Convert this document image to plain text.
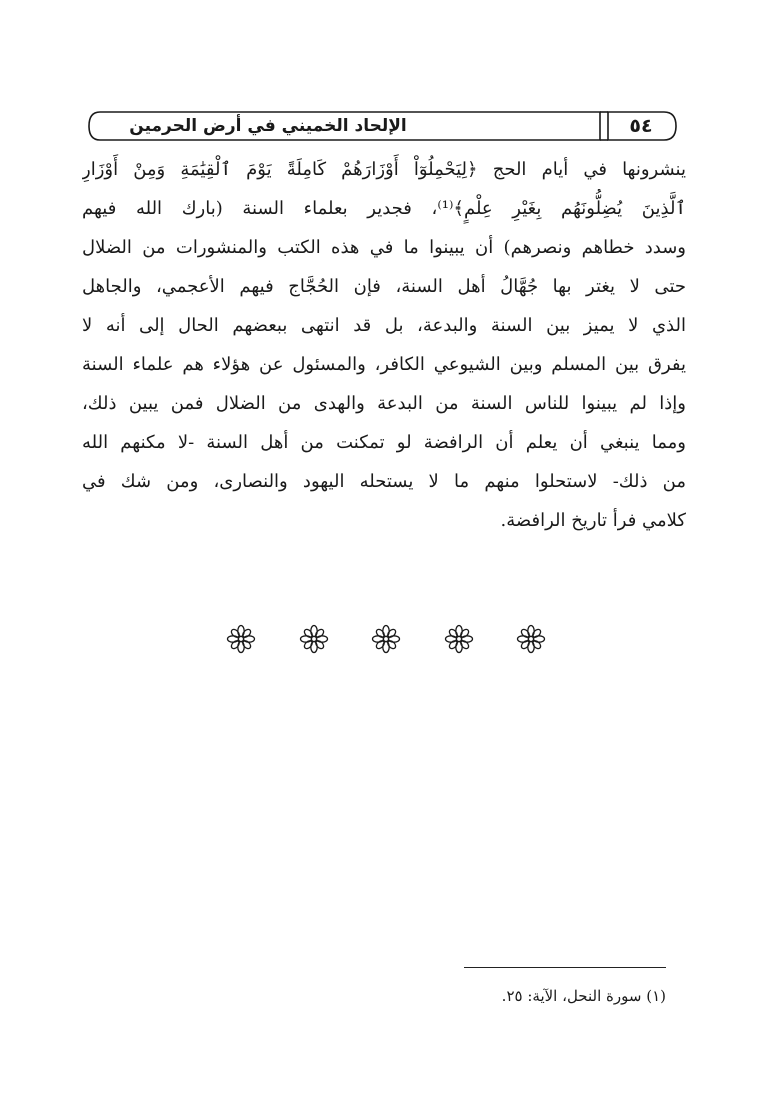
الإلحاد الخميني في أرض الحرمين	٥٤
ينشرونها في أيام الحج ﴿لِيَحْمِلُوٓاْ أَوْزَارَهُمْ كَامِلَةً يَوْمَ ٱلْقِيَٰمَةِ وَمِنْ أَوْزَارِ
ٱلَّذِينَ يُضِلُّونَهُم بِغَيْرِ عِلْمٍ﴾⁽¹⁾، فجدير بعلماء السنة (بارك الله فيهم
وسدد خطاهم ونصرهم) أن يبينوا ما في هذه الكتب والمنشورات من الضلال
حتى لا يغتر بها جُهَّالُ أهل السنة، فإن الحُجَّاج فيهم الأعجمي، والجاهل
الذي لا يميز بين السنة والبدعة، بل قد انتهى ببعضهم الحال إلى أنه لا
يفرق بين المسلم وبين الشيوعي الكافر، والمسئول عن هؤلاء هم علماء السنة
وإذا لم يبينوا للناس السنة من البدعة والهدى من الضلال فمن يبين ذلك،
ومما ينبغي أن يعلم أن الرافضة لو تمكنت من أهل السنة -لا مكنهم الله
من ذلك- لاستحلوا منهم ما لا يستحله اليهود والنصارى، ومن شك في
كلامي فرأ تاريخ الرافضة.
(١) سورة النحل، الآية: ٢٥.
